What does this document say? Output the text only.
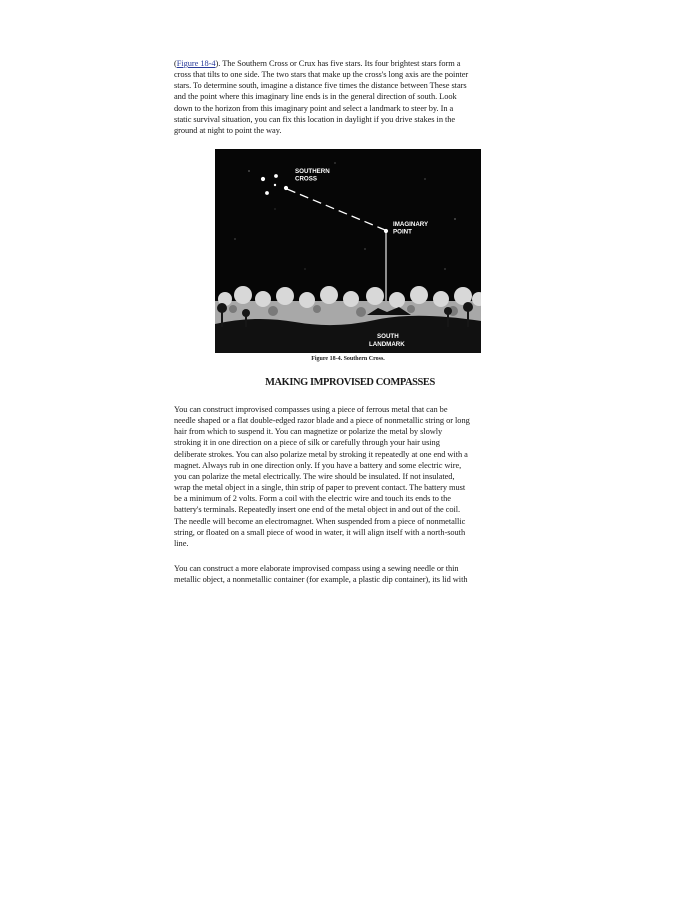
(Figure 18-4). The Southern Cross or Crux has five stars. Its four brightest stars form a
cross that tilts to one side. The two stars that make up the cross's long axis are the pointer
stars. To determine south, imagine a distance five times the distance between These stars
and the point where this imaginary line ends is in the general direction of south. Look
down to the horizon from this imaginary point and select a landmark to steer by. In a
static survival situation, you can fix this location in daylight if you drive stakes in the
ground at night to point the way.

SOUTHERN
CROSS
IMAGINARY
POINT
SOUTH
LANDMARK
Figure 18-4. Southern Cross.
MAKING IMPROVISED COMPASSES

You can construct improvised compasses using a piece of ferrous metal that can be
needle shaped or a flat double-edged razor blade and a piece of nonmetallic string or long
hair from which to suspend it. You can magnetize or polarize the metal by slowly
stroking it in one direction on a piece of silk or carefully through your hair using
deliberate strokes. You can also polarize metal by stroking it repeatedly at one end with a
magnet. Always rub in one direction only. If you have a battery and some electric wire,
you can polarize the metal electrically. The wire should be insulated. If not insulated,
wrap the metal object in a single, thin strip of paper to prevent contact. The battery must
be a minimum of 2 volts. Form a coil with the electric wire and touch its ends to the
battery's terminals. Repeatedly insert one end of the metal object in and out of the coil.
The needle will become an electromagnet. When suspended from a piece of nonmetallic
string, or floated on a small piece of wood in water, it will align itself with a north-south
line.

You can construct a more elaborate improvised compass using a sewing needle or thin
metallic object, a nonmetallic container (for example, a plastic dip container), its lid with
